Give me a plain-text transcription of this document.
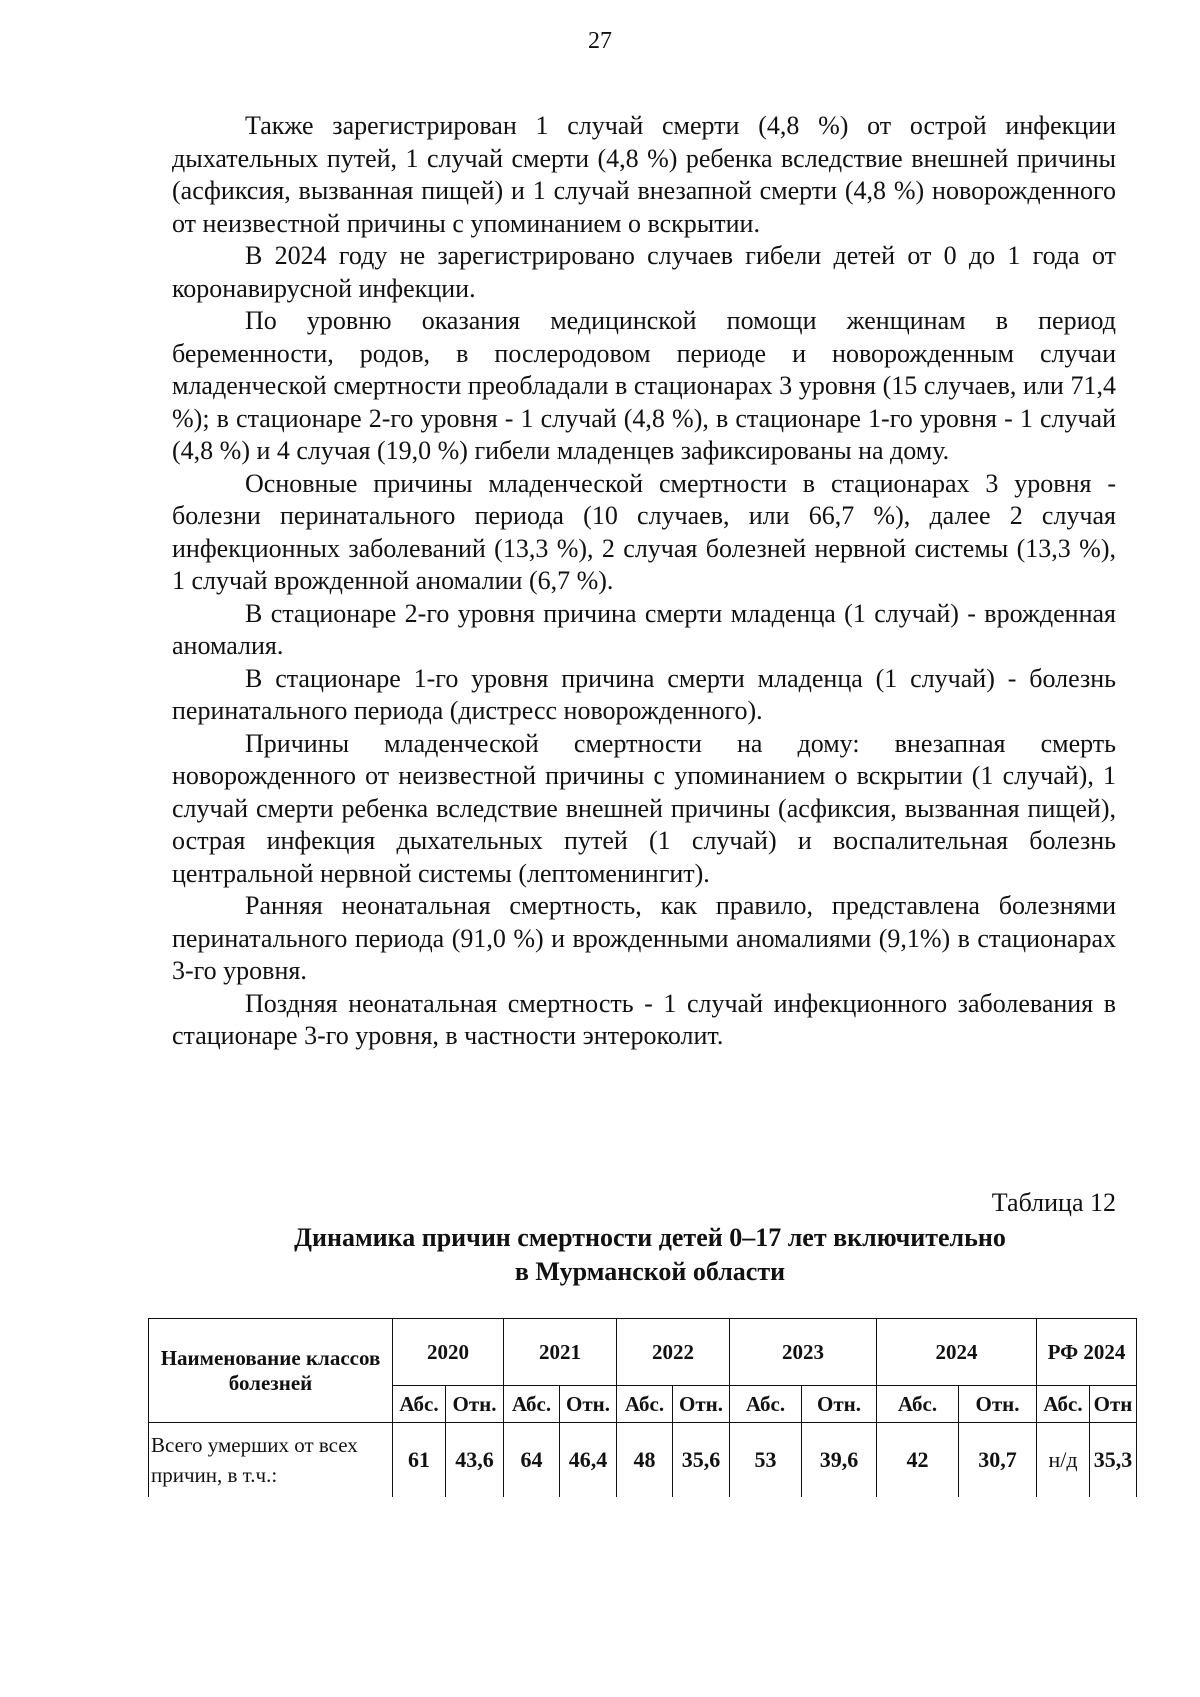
27

Также зарегистрирован 1 случай смерти (4,8 %) от острой инфекции дыхательных путей, 1 случай смерти (4,8 %) ребенка вследствие внешней причины (асфиксия, вызванная пищей) и 1 случай внезапной смерти (4,8 %) новорожденного от неизвестной причины с упоминанием о вскрытии.

В 2024 году не зарегистрировано случаев гибели детей от 0 до 1 года от коронавирусной инфекции.

По уровню оказания медицинской помощи женщинам в период беременности, родов, в послеродовом периоде и новорожденным случаи младенческой смертности преобладали в стационарах 3 уровня (15 случаев, или 71,4 %); в стационаре 2-го уровня - 1 случай (4,8 %), в стационаре 1-го уровня - 1 случай (4,8 %) и 4 случая (19,0 %) гибели младенцев зафиксированы на дому.

Основные причины младенческой смертности в стационарах 3 уровня - болезни перинатального периода (10 случаев, или 66,7 %), далее 2 случая инфекционных заболеваний (13,3 %), 2 случая болезней нервной системы (13,3 %), 1 случай врожденной аномалии (6,7 %).

В стационаре 2-го уровня причина смерти младенца (1 случай) - врожденная аномалия.

В стационаре 1-го уровня причина смерти младенца (1 случай) - болезнь перинатального периода (дистресс новорожденного).

Причины младенческой смертности на дому: внезапная смерть новорожденного от неизвестной причины с упоминанием о вскрытии (1 случай), 1 случай смерти ребенка вследствие внешней причины (асфиксия, вызванная пищей), острая инфекция дыхательных путей (1 случай) и воспалительная болезнь центральной нервной системы (лептоменингит).

Ранняя неонатальная смертность, как правило, представлена болезнями перинатального периода (91,0 %) и врожденными аномалиями (9,1%) в стационарах 3-го уровня.

Поздняя неонатальная смертность - 1 случай инфекционного заболевания в стационаре 3-го уровня, в частности энтероколит.

Таблица 12
Динамика причин смертности детей 0–17 лет включительно
в Мурманской области
Наименование классов болезней	2020		2021		2022		2023		2024		РФ 2024	
	Абс.	Отн.	Абс.	Отн.	Абс.	Отн.	Абс.	Отн.	Абс.	Отн.	Абс.	Отн
Всего умерших от всех причин, в т.ч.:	61	43,6	64	46,4	48	35,6	53	39,6	42	30,7	н/д	35,3
